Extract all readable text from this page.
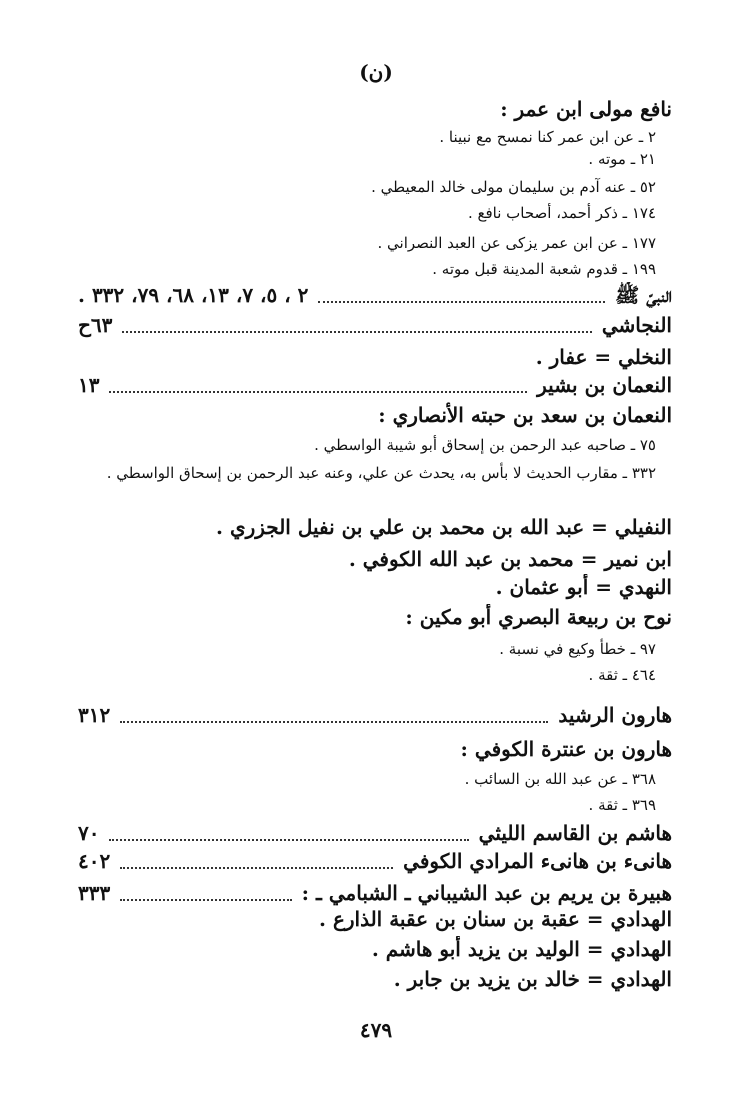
(ن)
نافع مولى ابن عمر :
٢ ـ عن ابن عمر كنا نمسح مع نبينا .
٢١ ـ موته .
٥٢ ـ عنه آدم بن سليمان مولى خالد المعيطي .
١٧٤ ـ ذكر أحمد، أصحاب نافع .
١٧٧ ـ عن ابن عمر يزكى عن العبد النصراني .
١٩٩ ـ قدوم شعبة المدينة قبل موته .
النبيّ ﷺ
٢ ، ٥، ٧، ١٣، ٦٨، ٧٩، ٣٣٢ .
النجاشي
٦٣ح
النخلي = عفار .
النعمان بن بشير
١٣
النعمان بن سعد بن حبته الأنصاري :
٧٥ ـ صاحبه عبد الرحمن بن إسحاق أبو شيبة الواسطي .
٣٣٢ ـ مقارب الحديث لا بأس به، يحدث عن علي، وعنه عبد الرحمن بن إسحاق الواسطي .
النفيلي = عبد الله بن محمد بن علي بن نفيل الجزري .
ابن نمير = محمد بن عبد الله الكوفي .
النهدي = أبو عثمان .
نوح بن ربيعة البصري أبو مكين :
٩٧ ـ خطأ وكيع في نسبة .
٤٦٤ ـ ثقة .
هارون الرشيد
٣١٢
هارون بن عنترة الكوفي :
٣٦٨ ـ عن عبد الله بن السائب .
٣٦٩ ـ ثقة .
هاشم بن القاسم الليثي
٧٠
هانىء بن هانىء المرادي الكوفي
٤٠٢
هبيرة بن يريم بن عبد الشيباني ـ الشبامي ـ :
٣٣٣
الهدادي = عقبة بن سنان بن عقبة الذارع .
الهدادي = الوليد بن يزيد أبو هاشم .
الهدادي = خالد بن يزيد بن جابر .
٤٧٩
